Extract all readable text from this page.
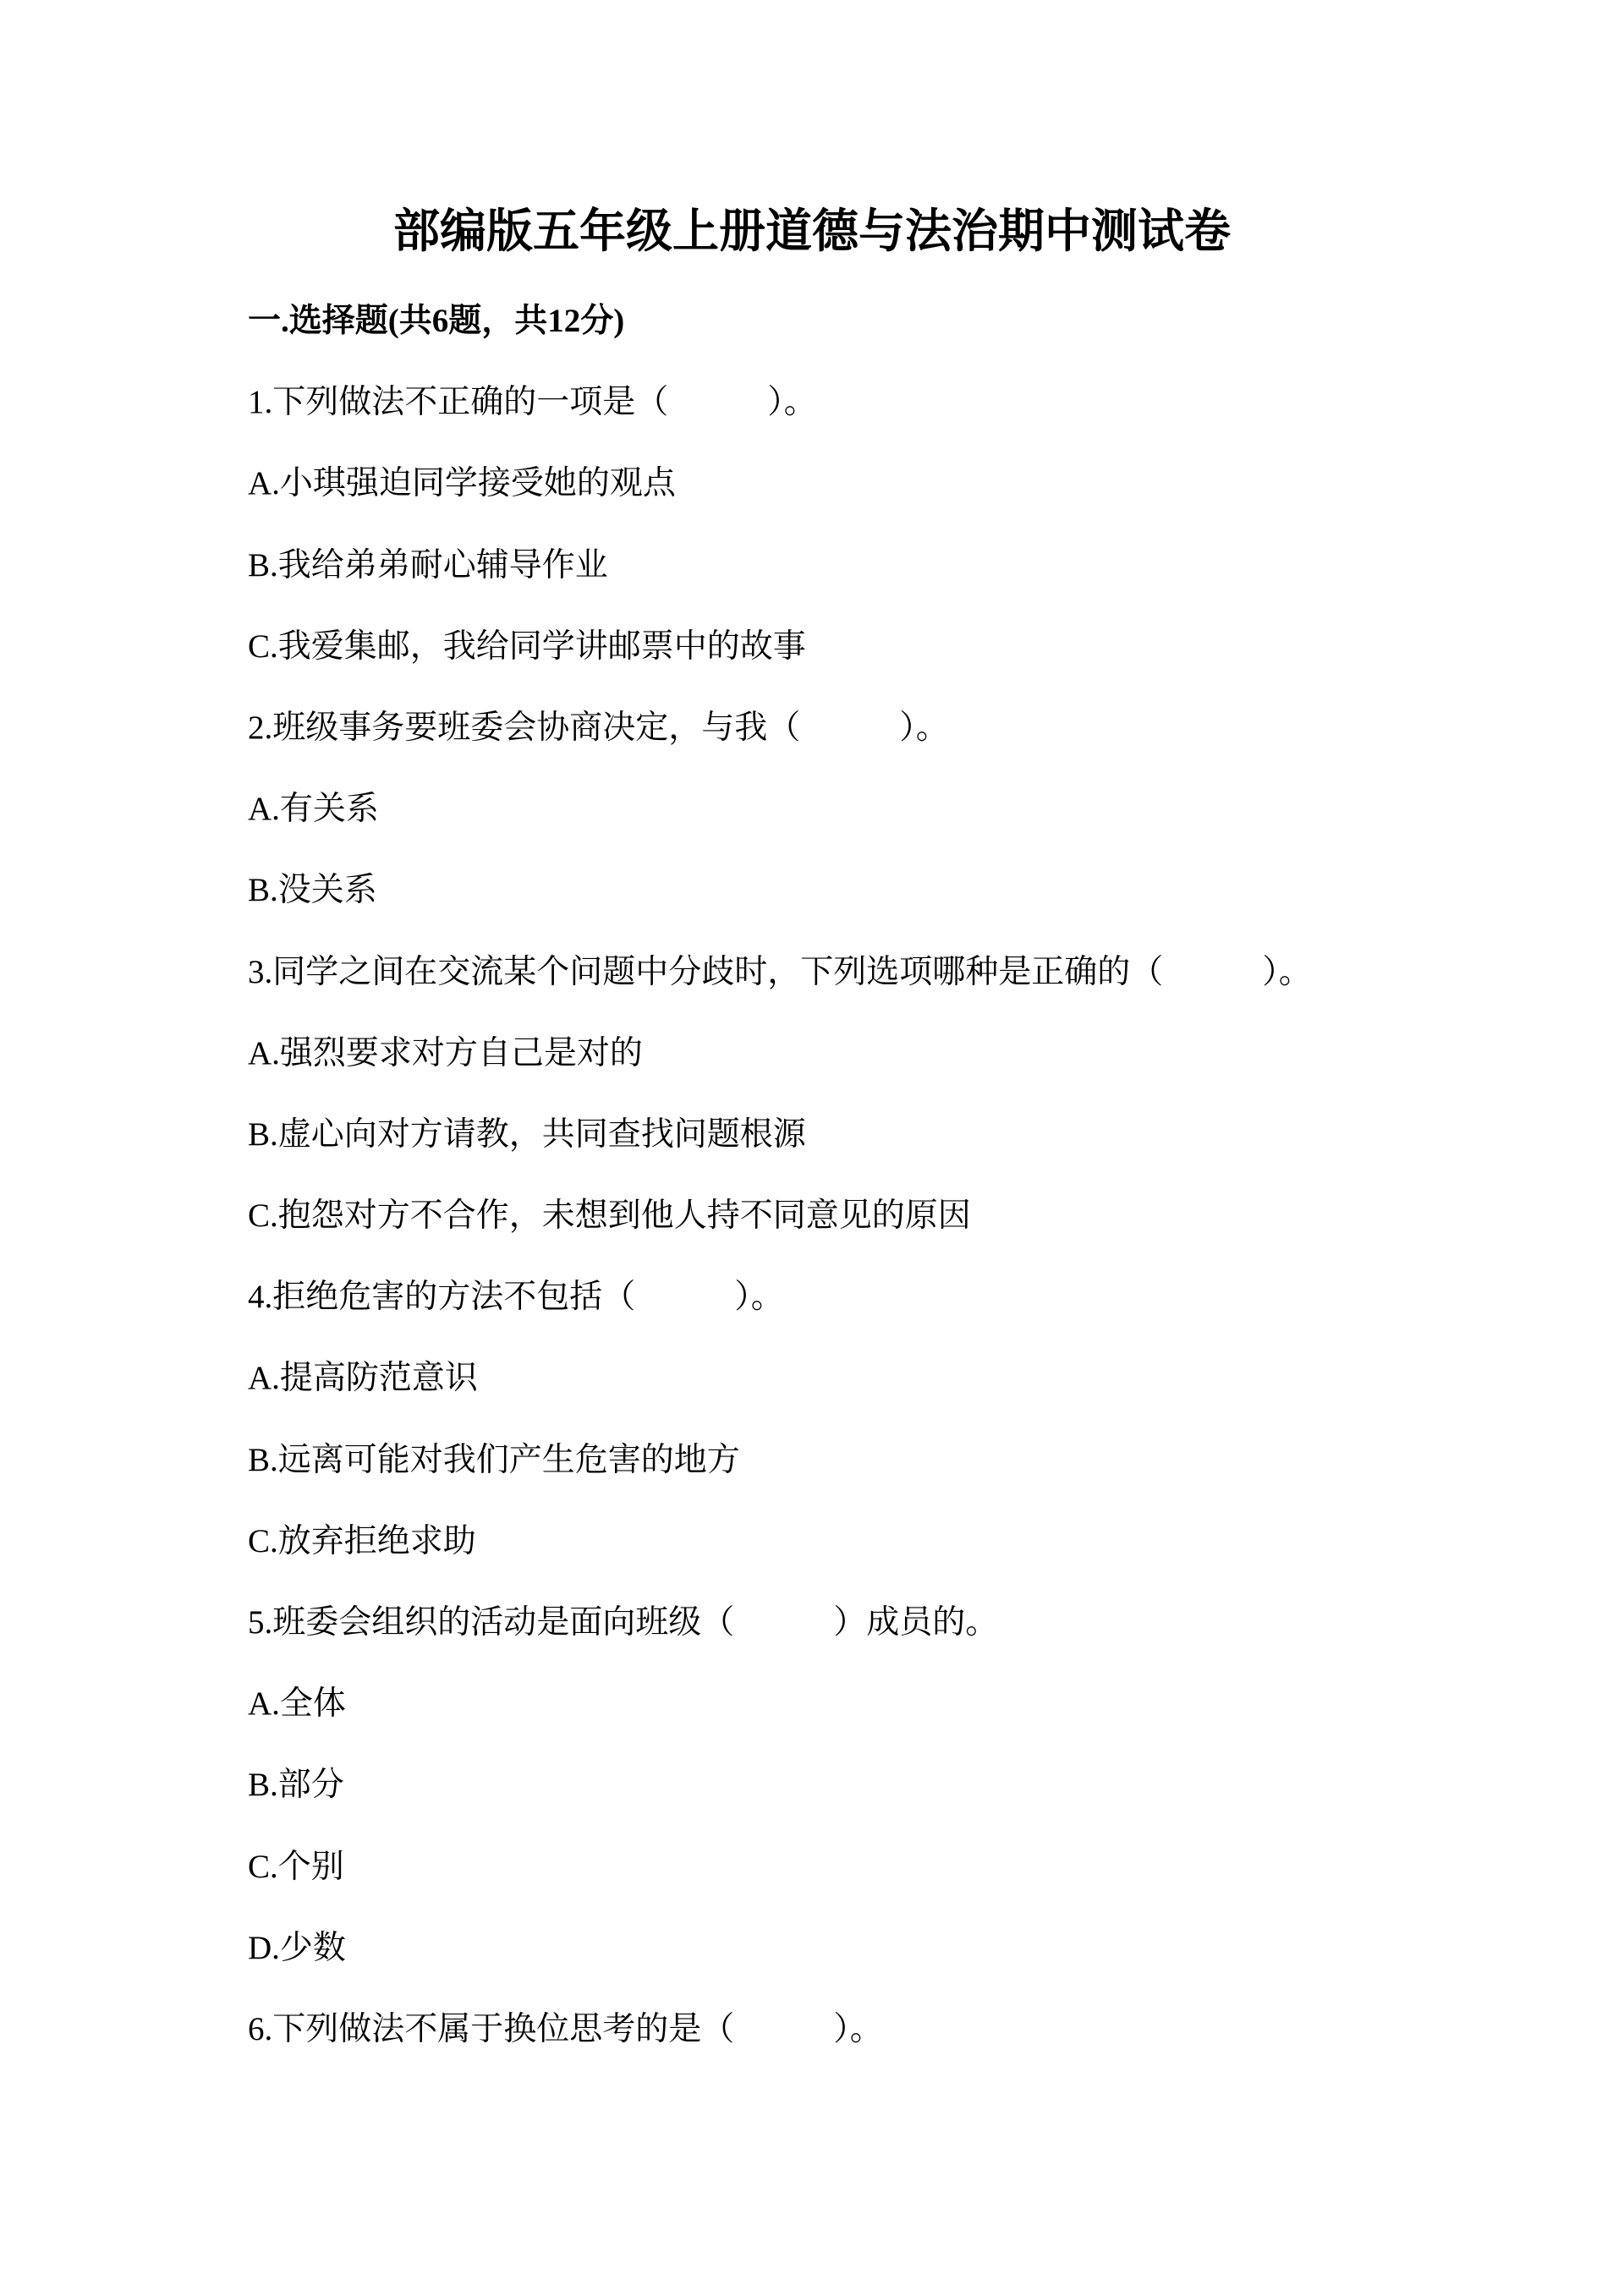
部编版五年级上册道德与法治期中测试卷
一.选择题(共6题，共12分)
1.下列做法不正确的一项是（　　　）。
A.小琪强迫同学接受她的观点
B.我给弟弟耐心辅导作业
C.我爱集邮，我给同学讲邮票中的故事
2.班级事务要班委会协商决定，与我（　　　）。
A.有关系
B.没关系
3.同学之间在交流某个问题中分歧时，下列选项哪种是正确的（　　　）。
A.强烈要求对方自己是对的
B.虚心向对方请教，共同查找问题根源
C.抱怨对方不合作，未想到他人持不同意见的原因
4.拒绝危害的方法不包括（　　　）。
A.提高防范意识
B.远离可能对我们产生危害的地方
C.放弃拒绝求助
5.班委会组织的活动是面向班级（　　　）成员的。
A.全体
B.部分
C.个别
D.少数
6.下列做法不属于换位思考的是（　　　）。
